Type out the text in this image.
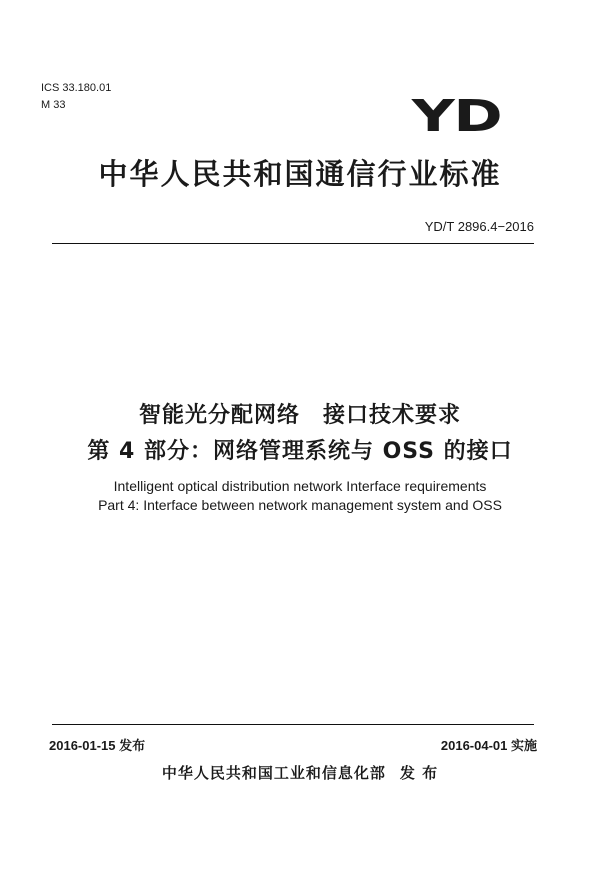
ICS 33.180.01
M 33	YD
中华人民共和国通信行业标准
YD/T 2896.4−2016
智能光分配网络　接口技术要求
第 4 部分：网络管理系统与 OSS 的接口
Intelligent optical distribution network Interface requirements
Part 4: Interface between network management system and OSS
2016-01-15 发布	2016-04-01 实施
中华人民共和国工业和信息化部 发 布
